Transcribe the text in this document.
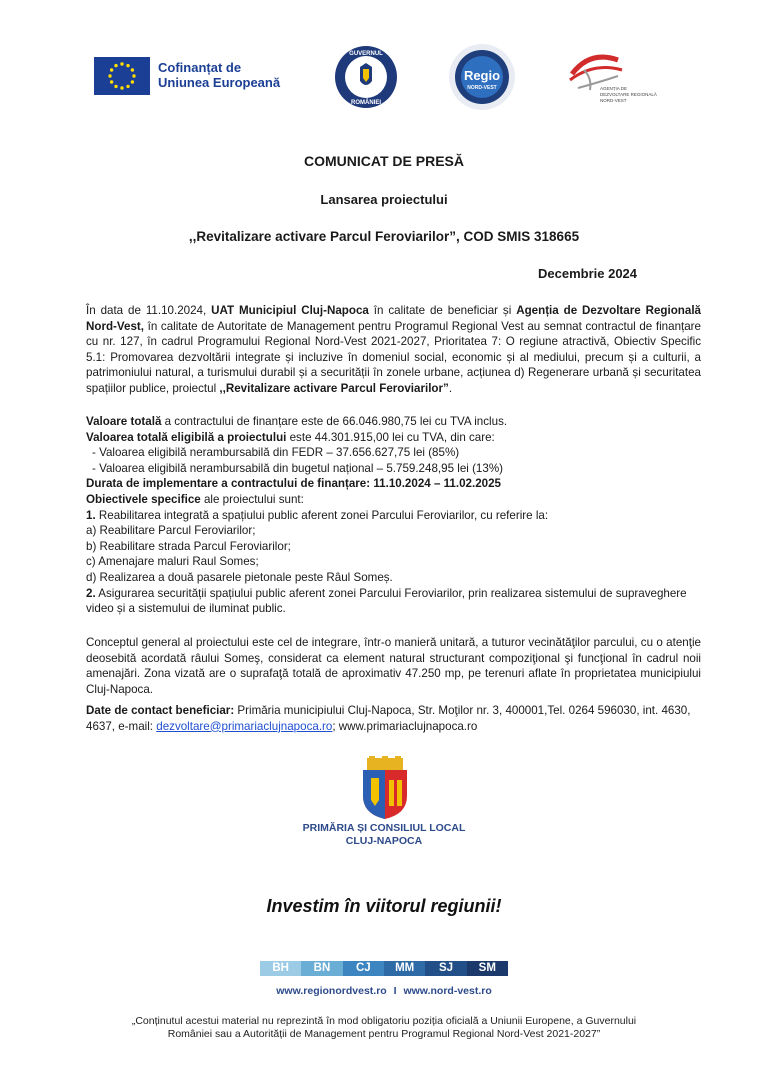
Cofinanțat de
Uniunea Europeană
GUVERNUL
ROMÂNIEI
Regio
NORD-VEST	AGENȚIA DE
DEZVOLTARE REGIONALĂ
NORD-VEST
COMUNICAT DE PRESĂ
Lansarea proiectului
,,Revitalizare activare Parcul Feroviarilor”, COD SMIS 318665
Decembrie 2024
În data de 11.10.2024, UAT Municipiul Cluj-Napoca în calitate de beneficiar și Agenția de Dezvoltare Regională Nord-Vest, în calitate de Autoritate de Management pentru Programul Regional Vest au semnat contractul de finanțare cu nr. 127, în cadrul Programului Regional Nord-Vest 2021-2027, Prioritatea 7: O regiune atractivă, Obiectiv Specific 5.1: Promovarea dezvoltării integrate și incluzive în domeniul social, economic și al mediului, precum și a culturii, a patrimoniului natural, a turismului durabil și a securității în zonele urbane, acțiunea d) Regenerare urbană și securitatea spațiilor publice, proiectul ,,Revitalizare activare Parcul Feroviarilor”.
Valoare totală a contractului de finanțare este de 66.046.980,75 lei cu TVA inclus.
Valoarea totală eligibilă a proiectului este 44.301.915,00 lei cu TVA, din care:
- Valoarea eligibilă nerambursabilă din FEDR – 37.656.627,75 lei (85%)
- Valoarea eligibilă nerambursabilă din bugetul național – 5.759.248,95 lei (13%)
Durata de implementare a contractului de finanțare: 11.10.2024 – 11.02.2025
Obiectivele specifice ale proiectului sunt:
1. Reabilitarea integrată a spațiului public aferent zonei Parcului Feroviarilor, cu referire la:
a) Reabilitare Parcul Feroviarilor;
b) Reabilitare strada Parcul Feroviarilor;
c) Amenajare maluri Raul Somes;
d) Realizarea a două pasarele pietonale peste Râul Someș.
2. Asigurarea securității spațiului public aferent zonei Parcului Feroviarilor, prin realizarea sistemului de supraveghere video și a sistemului de iluminat public.
Conceptul general al proiectului este cel de integrare, într-o manieră unitară, a tuturor vecinătăţilor parcului, cu o atenţie deosebită acordată râului Someş, considerat ca element natural structurant compoziţional şi funcţional în cadrul noii amenajări. Zona vizată are o suprafaţă totală de aproximativ 47.250 mp, pe terenuri aflate în proprietatea municipiului Cluj-Napoca.
Date de contact beneficiar: Primăria municipiului Cluj-Napoca, Str. Moţilor nr. 3, 400001,Tel. 0264 596030, int. 4630, 4637, e-mail: dezvoltare@primariaclujnapoca.ro; www.primariaclujnapoca.ro
PRIMĂRIA ȘI CONSILIUL LOCAL
CLUJ-NAPOCA
Investim în viitorul regiunii!
BH	BN	CJ	MM	SJ	SM
www.regionordvest.ro I www.nord-vest.ro
„Conținutul acestui material nu reprezintă în mod obligatoriu poziția oficială a Uniunii Europene, a Guvernului României sau a Autorității de Management pentru Programul Regional Nord-Vest 2021-2027”
